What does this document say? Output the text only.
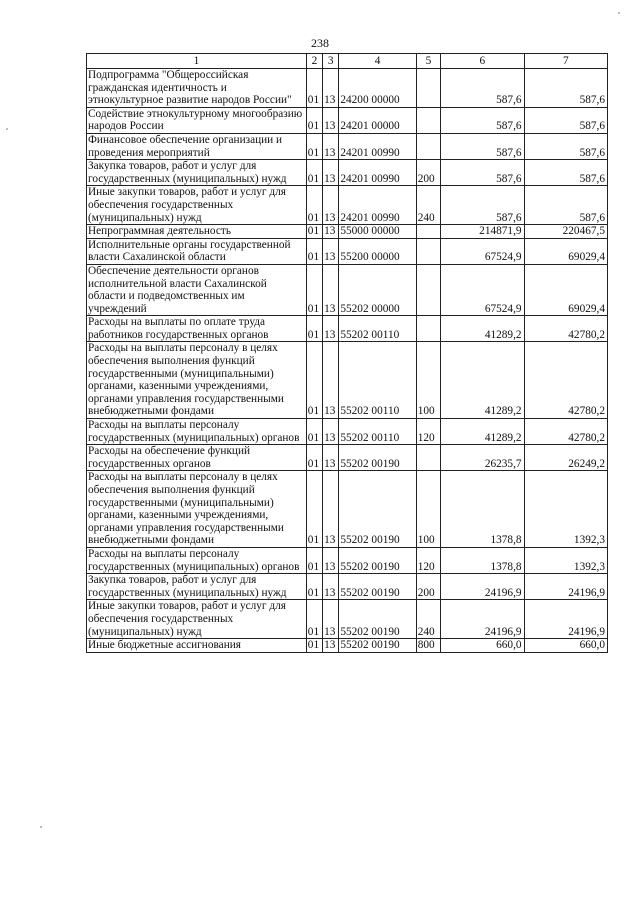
238
1	2	3	4	5	6	7
Подпрограмма "Общероссийская гражданская идентичность и этнокультурное развитие народов России"	01	13	24200 00000		587,6	587,6
Содействие этнокультурному многообразию народов России	01	13	24201 00000		587,6	587,6
Финансовое обеспечение организации и проведения мероприятий	01	13	24201 00990		587,6	587,6
Закупка товаров, работ и услуг для государственных (муниципальных) нужд	01	13	24201 00990	200	587,6	587,6
Иные закупки товаров, работ и услуг для обеспечения государственных (муниципальных) нужд	01	13	24201 00990	240	587,6	587,6
Непрограммная деятельность	01	13	55000 00000		214871,9	220467,5
Исполнительные органы государственной власти Сахалинской области	01	13	55200 00000		67524,9	69029,4
Обеспечение деятельности органов исполнительной власти Сахалинской области и подведомственных им учреждений	01	13	55202 00000		67524,9	69029,4
Расходы на выплаты по оплате труда работников государственных органов	01	13	55202 00110		41289,2	42780,2
Расходы на выплаты персоналу в целях обеспечения выполнения функций государственными (муниципальными) органами, казенными учреждениями, органами управления государственными внебюджетными фондами	01	13	55202 00110	100	41289,2	42780,2
Расходы на выплаты персоналу государственных (муниципальных) органов	01	13	55202 00110	120	41289,2	42780,2
Расходы на обеспечение функций государственных органов	01	13	55202 00190		26235,7	26249,2
Расходы на выплаты персоналу в целях обеспечения выполнения функций государственными (муниципальными) органами, казенными учреждениями, органами управления государственными внебюджетными фондами	01	13	55202 00190	100	1378,8	1392,3
Расходы на выплаты персоналу государственных (муниципальных) органов	01	13	55202 00190	120	1378,8	1392,3
Закупка товаров, работ и услуг для государственных (муниципальных) нужд	01	13	55202 00190	200	24196,9	24196,9
Иные закупки товаров, работ и услуг для обеспечения государственных (муниципальных) нужд	01	13	55202 00190	240	24196,9	24196,9
Иные бюджетные ассигнования	01	13	55202 00190	800	660,0	660,0
